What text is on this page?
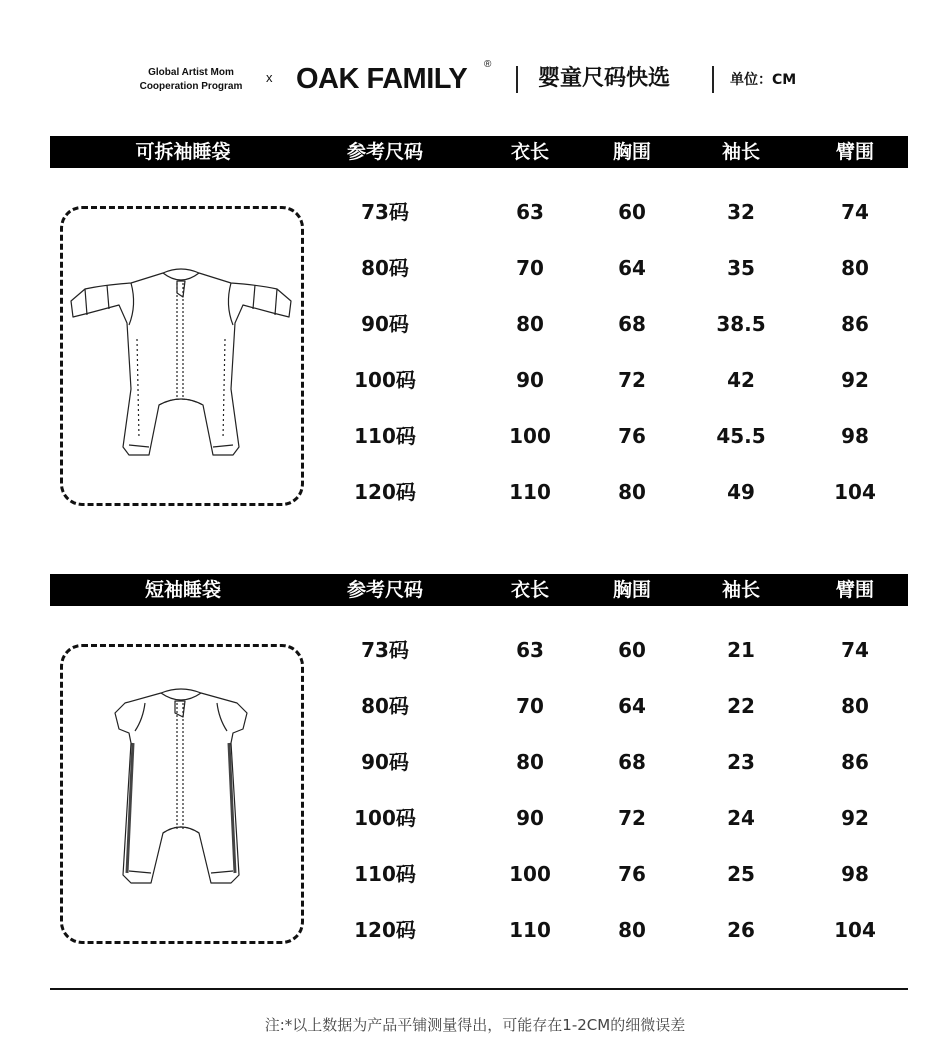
Global Artist Mom
Cooperation Program
x OAK FAMILY ®
婴童尺码快选	单位：CM
可拆袖睡袋	参考尺码	衣长	胸围	袖长	臂围
73码	63	60	32	74
80码	70	64	35	80
90码	80	68	38.5	86
100码	90	72	42	92
110码	100	76	45.5	98
120码	110	80	49	104
短袖睡袋	参考尺码	衣长	胸围	袖长	臂围
73码	63	60	21	74
80码	70	64	22	80
90码	80	68	23	86
100码	90	72	24	92
110码	100	76	25	98
120码	110	80	26	104
注:*以上数据为产品平铺测量得出，可能存在1-2CM的细微误差
